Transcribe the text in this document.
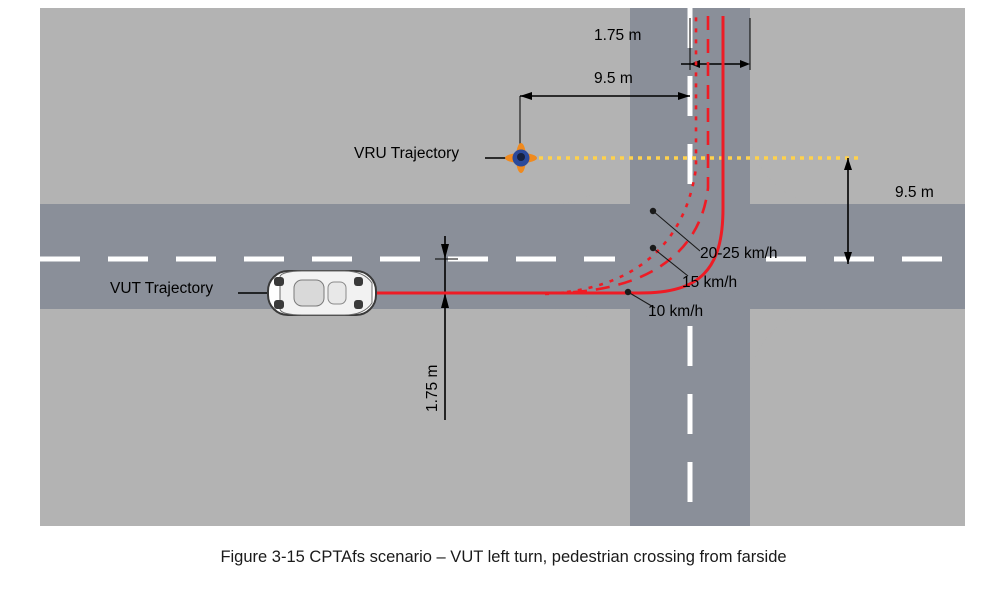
1.75 m
9.5 m
9.5 m
1.75 m
VRU Trajectory
VUT Trajectory
20-25 km/h
15 km/h
10 km/h
Figure 3-15 CPTAfs scenario – VUT left turn, pedestrian crossing from farside
